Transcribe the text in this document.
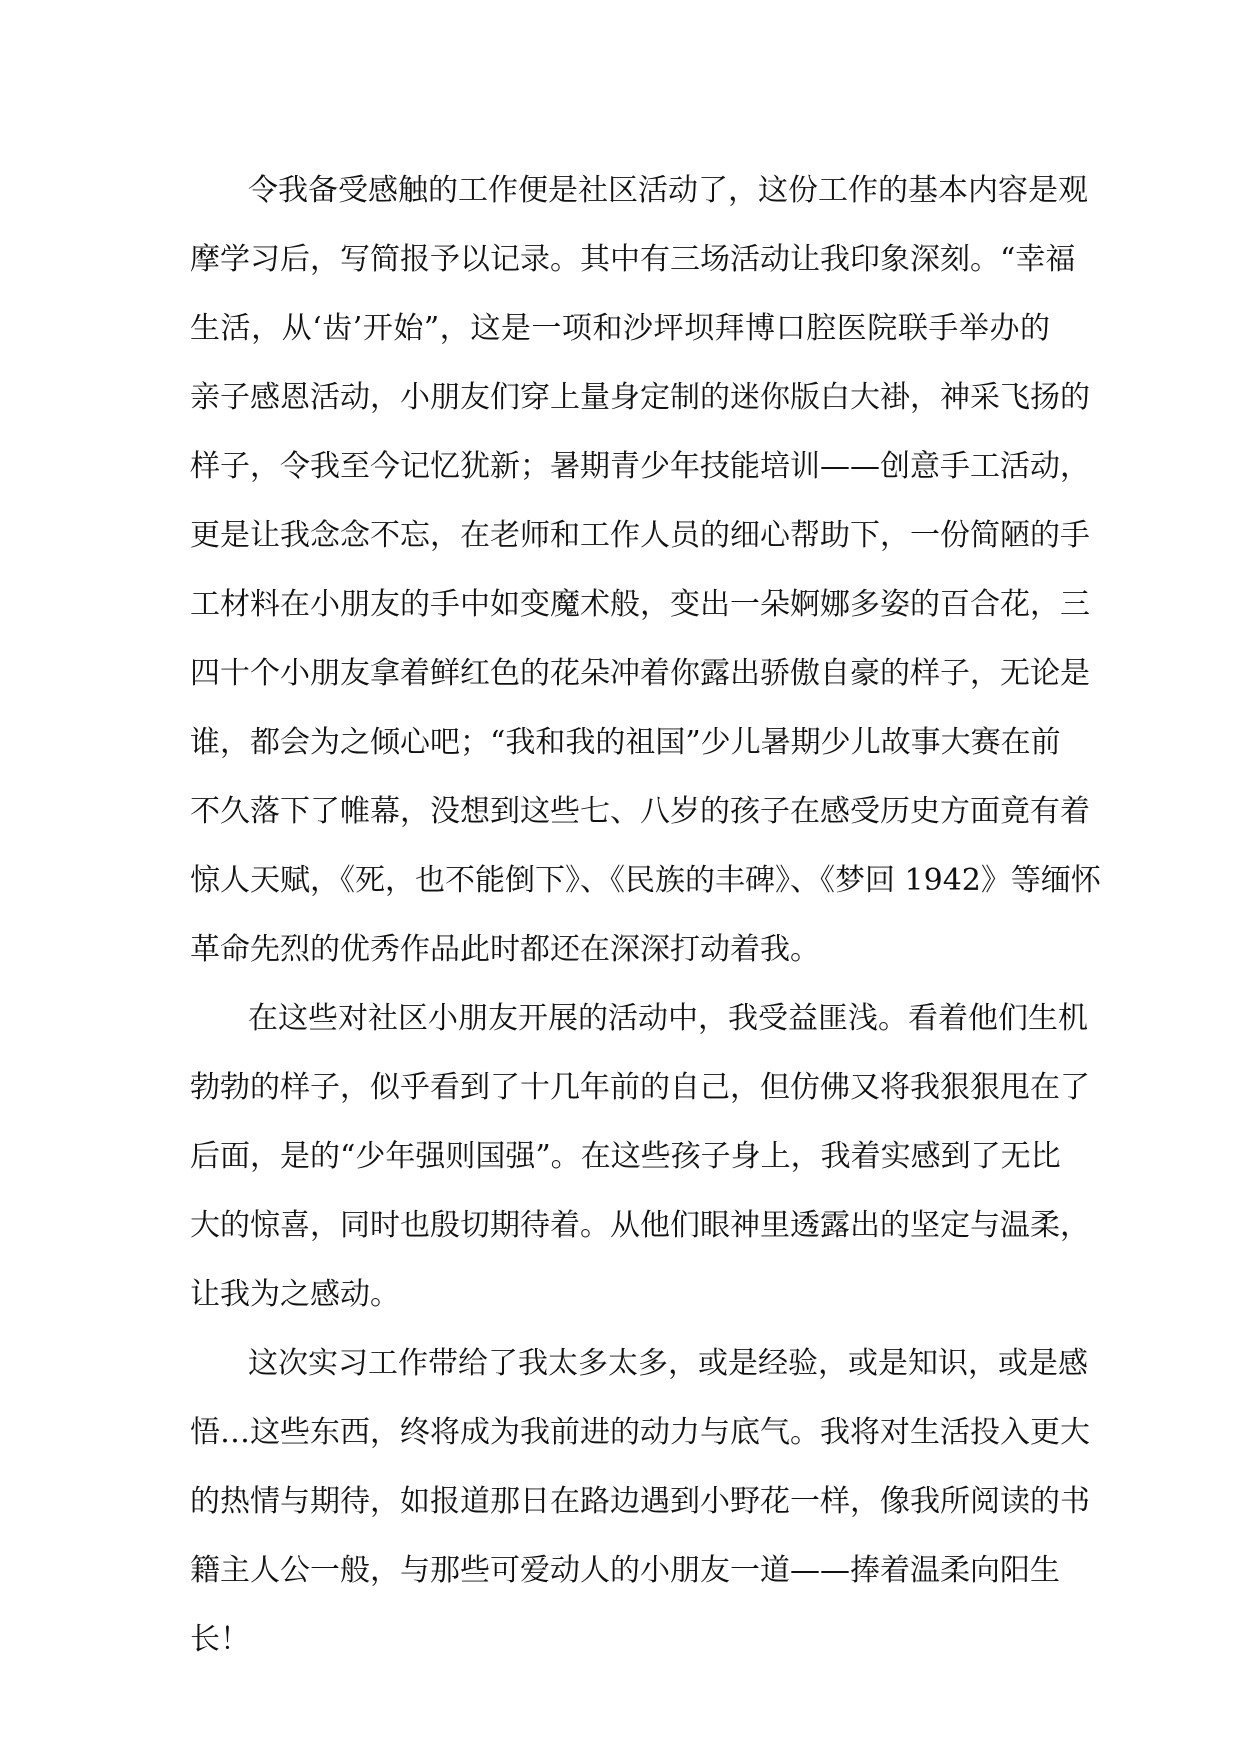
令我备受感触的工作便是社区活动了，这份工作的基本内容是观
摩学习后，写简报予以记录。其中有三场活动让我印象深刻。“幸福
生活，从‘齿’开始”，这是一项和沙坪坝拜博口腔医院联手举办的
亲子感恩活动，小朋友们穿上量身定制的迷你版白大褂，神采飞扬的
样子，令我至今记忆犹新；暑期青少年技能培训——创意手工活动，
更是让我念念不忘，在老师和工作人员的细心帮助下，一份简陋的手
工材料在小朋友的手中如变魔术般，变出一朵婀娜多姿的百合花，三
四十个小朋友拿着鲜红色的花朵冲着你露出骄傲自豪的样子，无论是
谁，都会为之倾心吧；“我和我的祖国”少儿暑期少儿故事大赛在前
不久落下了帷幕，没想到这些七、八岁的孩子在感受历史方面竟有着
惊人天赋，《死，也不能倒下》、《民族的丰碑》、《梦回 1942》等缅怀
革命先烈的优秀作品此时都还在深深打动着我。
在这些对社区小朋友开展的活动中，我受益匪浅。看着他们生机
勃勃的样子，似乎看到了十几年前的自己，但仿佛又将我狠狠甩在了
后面，是的“少年强则国强”。在这些孩子身上，我着实感到了无比
大的惊喜，同时也殷切期待着。从他们眼神里透露出的坚定与温柔，
让我为之感动。
这次实习工作带给了我太多太多，或是经验，或是知识，或是感
悟…这些东西，终将成为我前进的动力与底气。我将对生活投入更大
的热情与期待，如报道那日在路边遇到小野花一样，像我所阅读的书
籍主人公一般，与那些可爱动人的小朋友一道——捧着温柔向阳生
长！
